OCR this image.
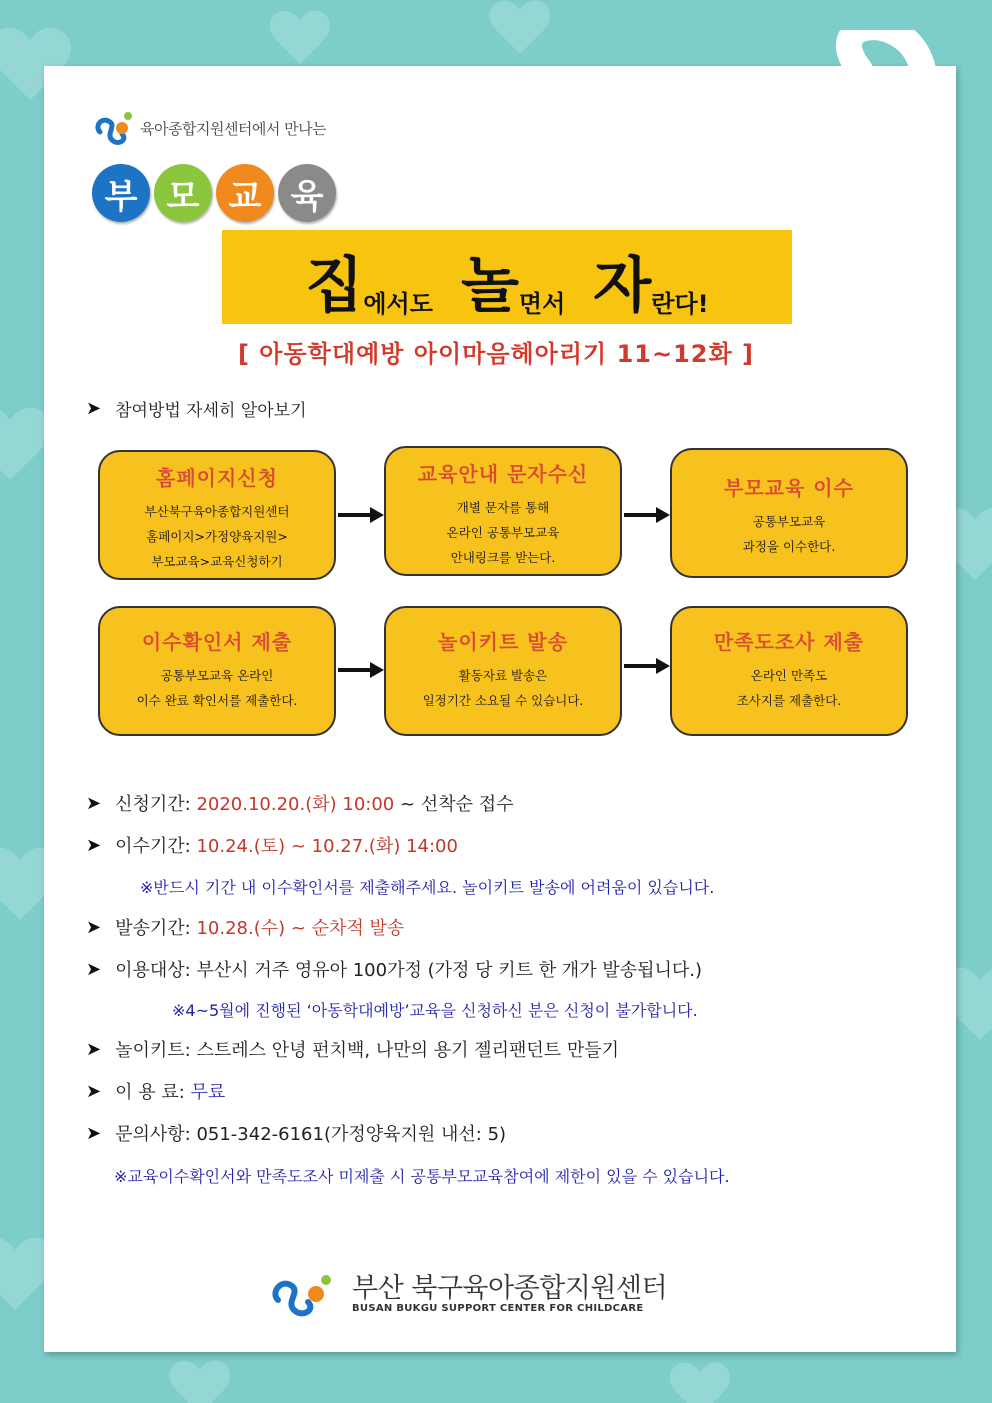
육아종합지원센터에서 만나는
부 모 교 육
집 에서도 놀 면서 자 란다!
[ 아동학대예방 아이마음헤아리기 11~12화 ]
➤ 참여방법 자세히 알아보기
홈페이지신청
부산북구육아종합지원센터
홈페이지>가정양육지원>
부모교육>교육신청하기
교육안내 문자수신
개별 문자를 통해
온라인 공통부모교육
안내링크를 받는다.
부모교육 이수
공통부모교육
과정을 이수한다.
이수확인서 제출
공통부모교육 온라인
이수 완료 확인서를 제출한다.
놀이키트 발송
활동자료 발송은
일정기간 소요될 수 있습니다.
만족도조사 제출
온라인 만족도
조사지를 제출한다.
➤ 신청기간:
2020.10.20.(화) 10:00
~ 선착순 접수
➤ 이수기간:
10.24.(토) ~ 10.27.(화) 14:00
※반드시 기간 내 이수확인서를 제출해주세요. 놀이키트 발송에 어려움이 있습니다.
➤ 발송기간:
10.28.(수) ~ 순차적 발송
➤ 이용대상:
부산시 거주 영유아 100가정 (가정 당 키트 한 개가 발송됩니다.)
※4~5월에 진행된 ‘아동학대예방’교육을 신청하신 분은 신청이 불가합니다.
➤ 놀이키트:
스트레스 안녕 펀치백, 나만의 용기 젤리팬던트 만들기
➤ 이 용 료:
무료
➤ 문의사항:
051-342-6161(가정양육지원 내선: 5)
※교육이수확인서와 만족도조사 미제출 시 공통부모교육참여에 제한이 있을 수 있습니다.
부산 북구육아종합지원센터
BUSAN BUKGU SUPPORT CENTER FOR CHILDCARE
